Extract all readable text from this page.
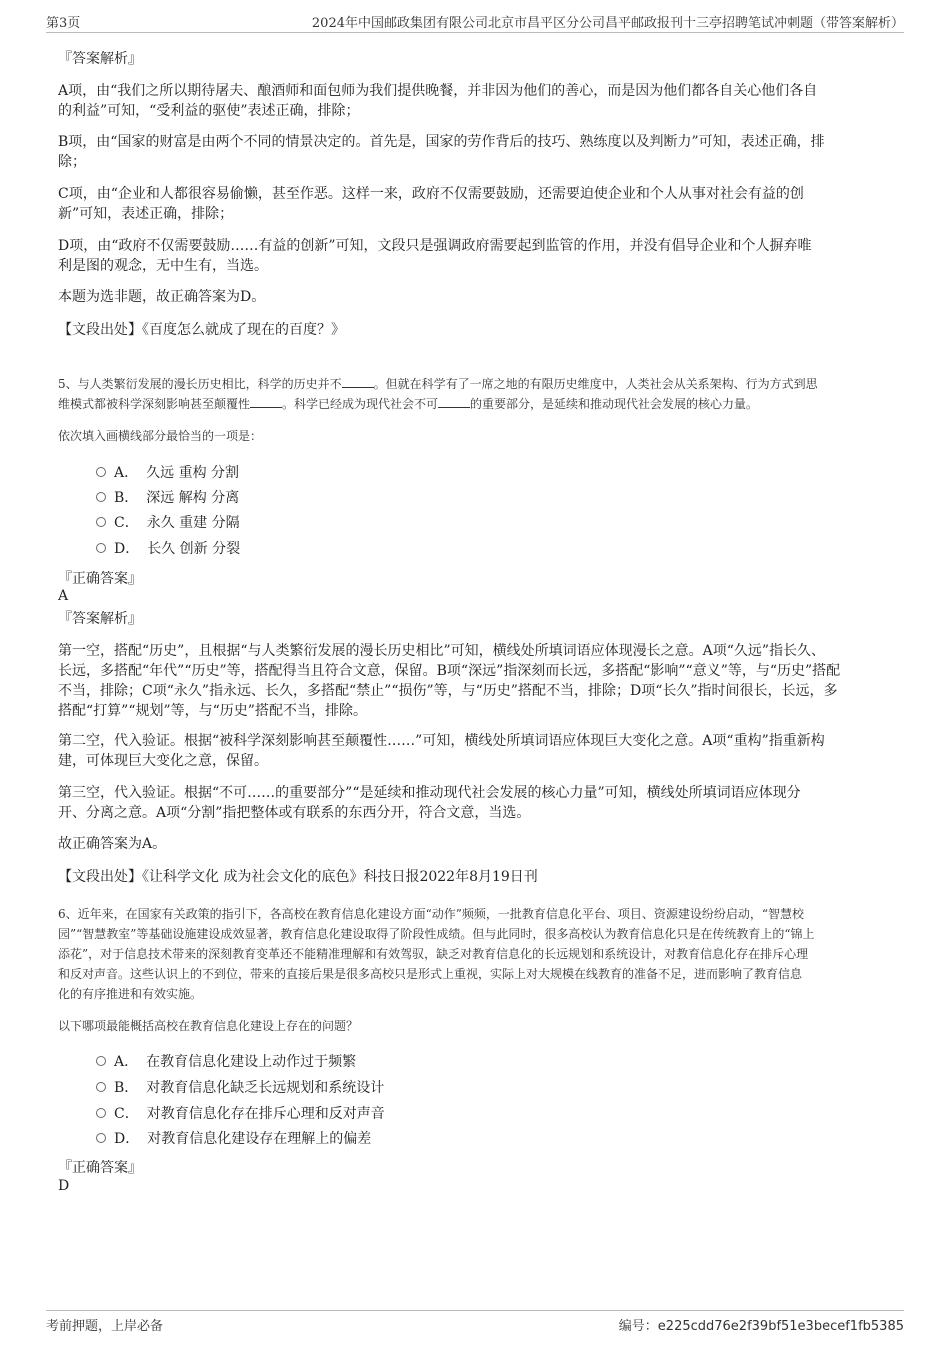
第3页	2024年中国邮政集团有限公司北京市昌平区分公司昌平邮政报刊十三亭招聘笔试冲刺题（带答案解析）
『答案解析』
A项，由“我们之所以期待屠夫、酿酒师和面包师为我们提供晚餐，并非因为他们的善心，而是因为他们都各自关心他们各自
的利益”可知，“受利益的驱使”表述正确，排除；
B项，由“国家的财富是由两个不同的情景决定的。首先是，国家的劳作背后的技巧、熟练度以及判断力”可知，表述正确，排
除；
C项，由“企业和人都很容易偷懒，甚至作恶。这样一来，政府不仅需要鼓励，还需要迫使企业和个人从事对社会有益的创
新”可知，表述正确，排除；
D项，由“政府不仅需要鼓励……有益的创新”可知，文段只是强调政府需要起到监管的作用，并没有倡导企业和个人摒弃唯
利是图的观念，无中生有，当选。
本题为选非题，故正确答案为D。
【文段出处】《百度怎么就成了现在的百度？》
5、与人类繁衍发展的漫长历史相比，科学的历史并不	。但就在科学有了一席之地的有限历史维度中，人类社会从关系架构、行为方式到思
维模式都被科学深刻影响甚至颠覆性	。科学已经成为现代社会不可	的重要部分，是延续和推动现代社会发展的核心力量。
依次填入画横线部分最恰当的一项是：
A． 久远 重构 分割
B． 深远 解构 分离
C． 永久 重建 分隔
D． 长久 创新 分裂
『正确答案』
A
『答案解析』
第一空，搭配“历史”，且根据“与人类繁衍发展的漫长历史相比”可知，横线处所填词语应体现漫长之意。A项“久远”指长久、
长远，多搭配“年代”“历史”等，搭配得当且符合文意，保留。B项“深远”指深刻而长远，多搭配“影响”“意义”等，与“历史”搭配
不当，排除；C项“永久”指永远、长久，多搭配“禁止”“损伤”等，与“历史”搭配不当，排除；D项“长久”指时间很长，长远，多
搭配“打算”“规划”等，与“历史”搭配不当，排除。
第二空，代入验证。根据“被科学深刻影响甚至颠覆性……”可知，横线处所填词语应体现巨大变化之意。A项“重构”指重新构
建，可体现巨大变化之意，保留。
第三空，代入验证。根据“不可……的重要部分”“是延续和推动现代社会发展的核心力量”可知，横线处所填词语应体现分
开、分离之意。A项“分割”指把整体或有联系的东西分开，符合文意，当选。
故正确答案为A。
【文段出处】《让科学文化 成为社会文化的底色》科技日报2022年8月19日刊
6、近年来，在国家有关政策的指引下，各高校在教育信息化建设方面“动作”频频，一批教育信息化平台、项目、资源建设纷纷启动，“智慧校
园”“智慧教室”等基础设施建设成效显著，教育信息化建设取得了阶段性成绩。但与此同时，很多高校认为教育信息化只是在传统教育上的“锦上
添花”，对于信息技术带来的深刻教育变革还不能精准理解和有效驾驭，缺乏对教育信息化的长远规划和系统设计，对教育信息化存在排斥心理
和反对声音。这些认识上的不到位，带来的直接后果是很多高校只是形式上重视，实际上对大规模在线教育的准备不足，进而影响了教育信息
化的有序推进和有效实施。
以下哪项最能概括高校在教育信息化建设上存在的问题？
A． 在教育信息化建设上动作过于频繁
B． 对教育信息化缺乏长远规划和系统设计
C． 对教育信息化存在排斥心理和反对声音
D． 对教育信息化建设存在理解上的偏差
『正确答案』
D
考前押题，上岸必备	编号：e225cdd76e2f39bf51e3becef1fb5385
